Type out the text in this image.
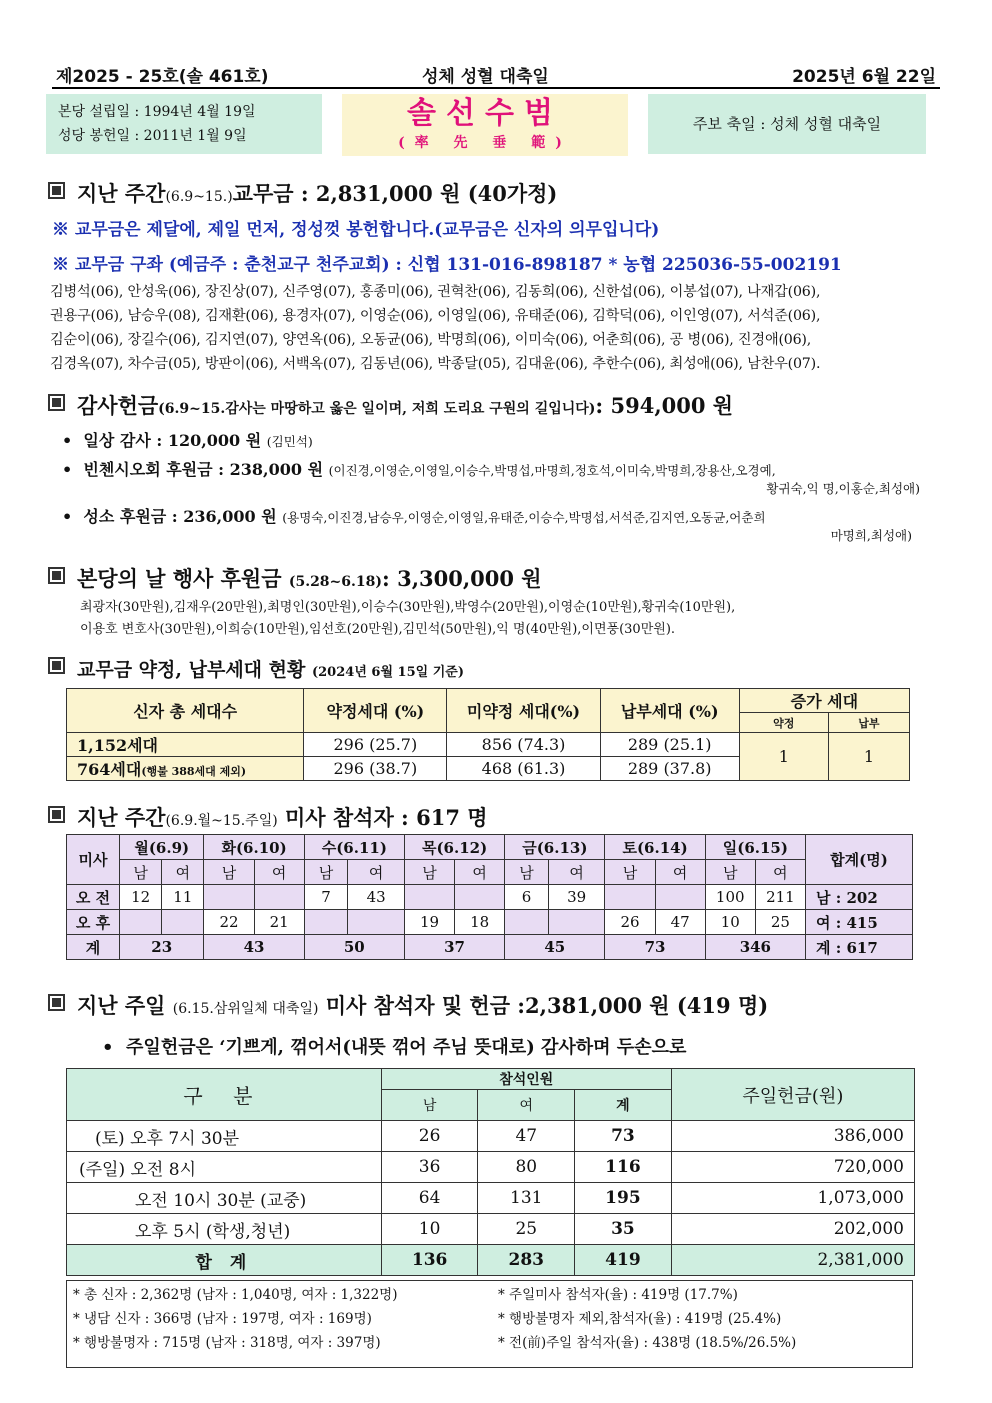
제2025 - 25호(솔 461호)	성체 성혈 대축일	2025년 6월 22일
본당 설립일 : 1994년 4월 19일
성당 봉헌일 : 2011년 1월 9일
솔선수범
(率 先 垂 範)
주보 축일 : 성체 성혈 대축일
지난 주간(6.9~15.)교무금 : 2,831,000 원 (40가정)
※ 교무금은 제달에, 제일 먼저, 정성껏 봉헌합니다.(교무금은 신자의 의무입니다)
※ 교무금 구좌 (예금주 : 춘천교구 천주교회) : 신협 131-016-898187 * 농협 225036-55-002191
김병석(06), 안성욱(06), 장진상(07), 신주영(07), 홍종미(06), 권혁찬(06), 김동희(06), 신한섭(06), 이봉섭(07), 나재갑(06),
권용구(06), 남승우(08), 김재환(06), 용경자(07), 이영순(06), 이영일(06), 유태준(06), 김학덕(06), 이인영(07), 서석준(06),
김순이(06), 장길수(06), 김지연(07), 양연옥(06), 오동균(06), 박명희(06), 이미숙(06), 어춘희(06), 공 병(06), 진경애(06),
김경옥(07), 차수금(05), 방판이(06), 서백옥(07), 김동년(06), 박종달(05), 김대윤(06), 추한수(06), 최성애(06), 남찬우(07).
감사헌금(6.9~15.감사는 마땅하고 옳은 일이며, 저희 도리요 구원의 길입니다): 594,000 원
•  일상 감사 : 120,000 원 (김민석)
•  빈첸시오회 후원금 : 238,000 원 (이진경,이영순,이영일,이승수,박명섭,마명희,정호석,이미숙,박명희,장용산,오경예,
황귀숙,익 명,이홍순,최성애)
•  성소 후원금 : 236,000 원 (용명숙,이진경,남승우,이영순,이영일,유태준,이승수,박명섭,서석준,김지연,오동균,어춘희
마명희,최성애)
본당의 날 행사 후원금 (5.28~6.18): 3,300,000 원
최광자(30만원),김재우(20만원),최명인(30만원),이승수(30만원),박영수(20만원),이영순(10만원),황귀숙(10만원),
이용호 변호사(30만원),이희승(10만원),임선호(20만원),김민석(50만원),익 명(40만원),이면풍(30만원).
교무금 약정, 납부세대 현황 (2024년 6월 15일 기준)
신자 총 세대수	약정세대 (%)	미약정 세대(%)	납부세대 (%)	증가 세대	
				약정	납부
1,152세대	296 (25.7)	856 (74.3)	289 (25.1)	1	1
764세대(행불 388세대 제외)	296 (38.7)	468 (61.3)	289 (37.8)		
지난 주간(6.9.월~15.주일) 미사 참석자 : 617 명
미사	월(6.9)		화(6.10)		수(6.11)		목(6.12)		금(6.13)		토(6.14)		일(6.15)		합계(명)
	남	여	남	여	남	여	남	여	남	여	남	여	남	여	
오 전	12	11			7	43			6	39			100	211	남 : 202
오 후			22	21			19	18			26	47	10	25	여 : 415
계	23		43		50		37		45		73		346		계 : 617
지난 주일 (6.15.삼위일체 대축일) 미사 참석자 및 헌금 :2,381,000 원 (419 명)
•  주일헌금은 ‘기쁘게, 꺾어서(내뜻 꺾어 주님 뜻대로) 감사하며 두손으로
구 분	참석인원			주일헌금(원)
	남	여	계	
(토) 오후 7시 30분	26	47	73	386,000
(주일) 오전 8시	36	80	116	720,000
오전 10시 30분 (교중)	64	131	195	1,073,000
오후 5시 (학생,청년)	10	25	35	202,000
합 계	136	283	419	2,381,000
* 총 신자 : 2,362명 (남자 : 1,040명, 여자 : 1,322명)	* 주일미사 참석자(율) : 419명 (17.7%)
* 냉담 신자 : 366명 (남자 : 197명, 여자 : 169명)	* 행방불명자 제외,참석자(율) : 419명 (25.4%)
* 행방불명자 : 715명 (남자 : 318명, 여자 : 397명)	* 전(前)주일 참석자(율) : 438명 (18.5%/26.5%)
